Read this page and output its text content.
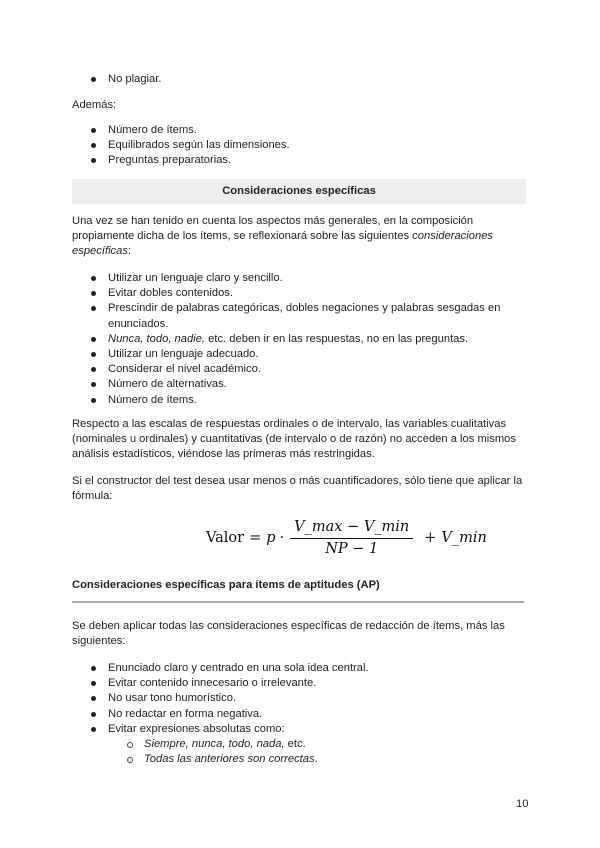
No plagiar.

Además:

Número de ítems.
Equilibrados según las dimensiones.
Preguntas preparatorias.
Consideraciones específicas

Una vez se han tenido en cuenta los aspectos más generales, en la composición propiamente dicha de los ítems, se reflexionará sobre las siguientes consideraciones específicas:

Utilizar un lenguaje claro y sencillo.
Evitar dobles contenidos.
Prescindir de palabras categóricas, dobles negaciones y palabras sesgadas en enunciados.
Nunca, todo, nadie, etc. deben ir en las respuestas, no en las preguntas.
Utilizar un lenguaje adecuado.
Considerar el nivel académico.
Número de alternativas.
Número de ítems.

Respecto a las escalas de respuestas ordinales o de intervalo, las variables cualitativas (nominales u ordinales) y cuantitativas (de intervalo o de razón) no acceden a los mismos análisis estadísticos, viéndose las primeras más restringidas.

Si el constructor del test desea usar menos o más cuantificadores, sólo tiene que aplicar la fórmula:

Valor = $p \cdot \frac{V\_\max - V\_\min}{NP - 1}$ + V_min

Consideraciones específicas para ítems de aptitudes (AP)

Se deben aplicar todas las consideraciones específicas de redacción de ítems, más las siguientes:

Enunciado claro y centrado en una sola idea central.
Evitar contenido innecesario o irrelevante.
No usar tono humorístico.
No redactar en forma negativa.
Evitar expresiones absolutas como:
Siempre, nunca, todo, nada, etc.
Todas las anteriores son correctas.
10
